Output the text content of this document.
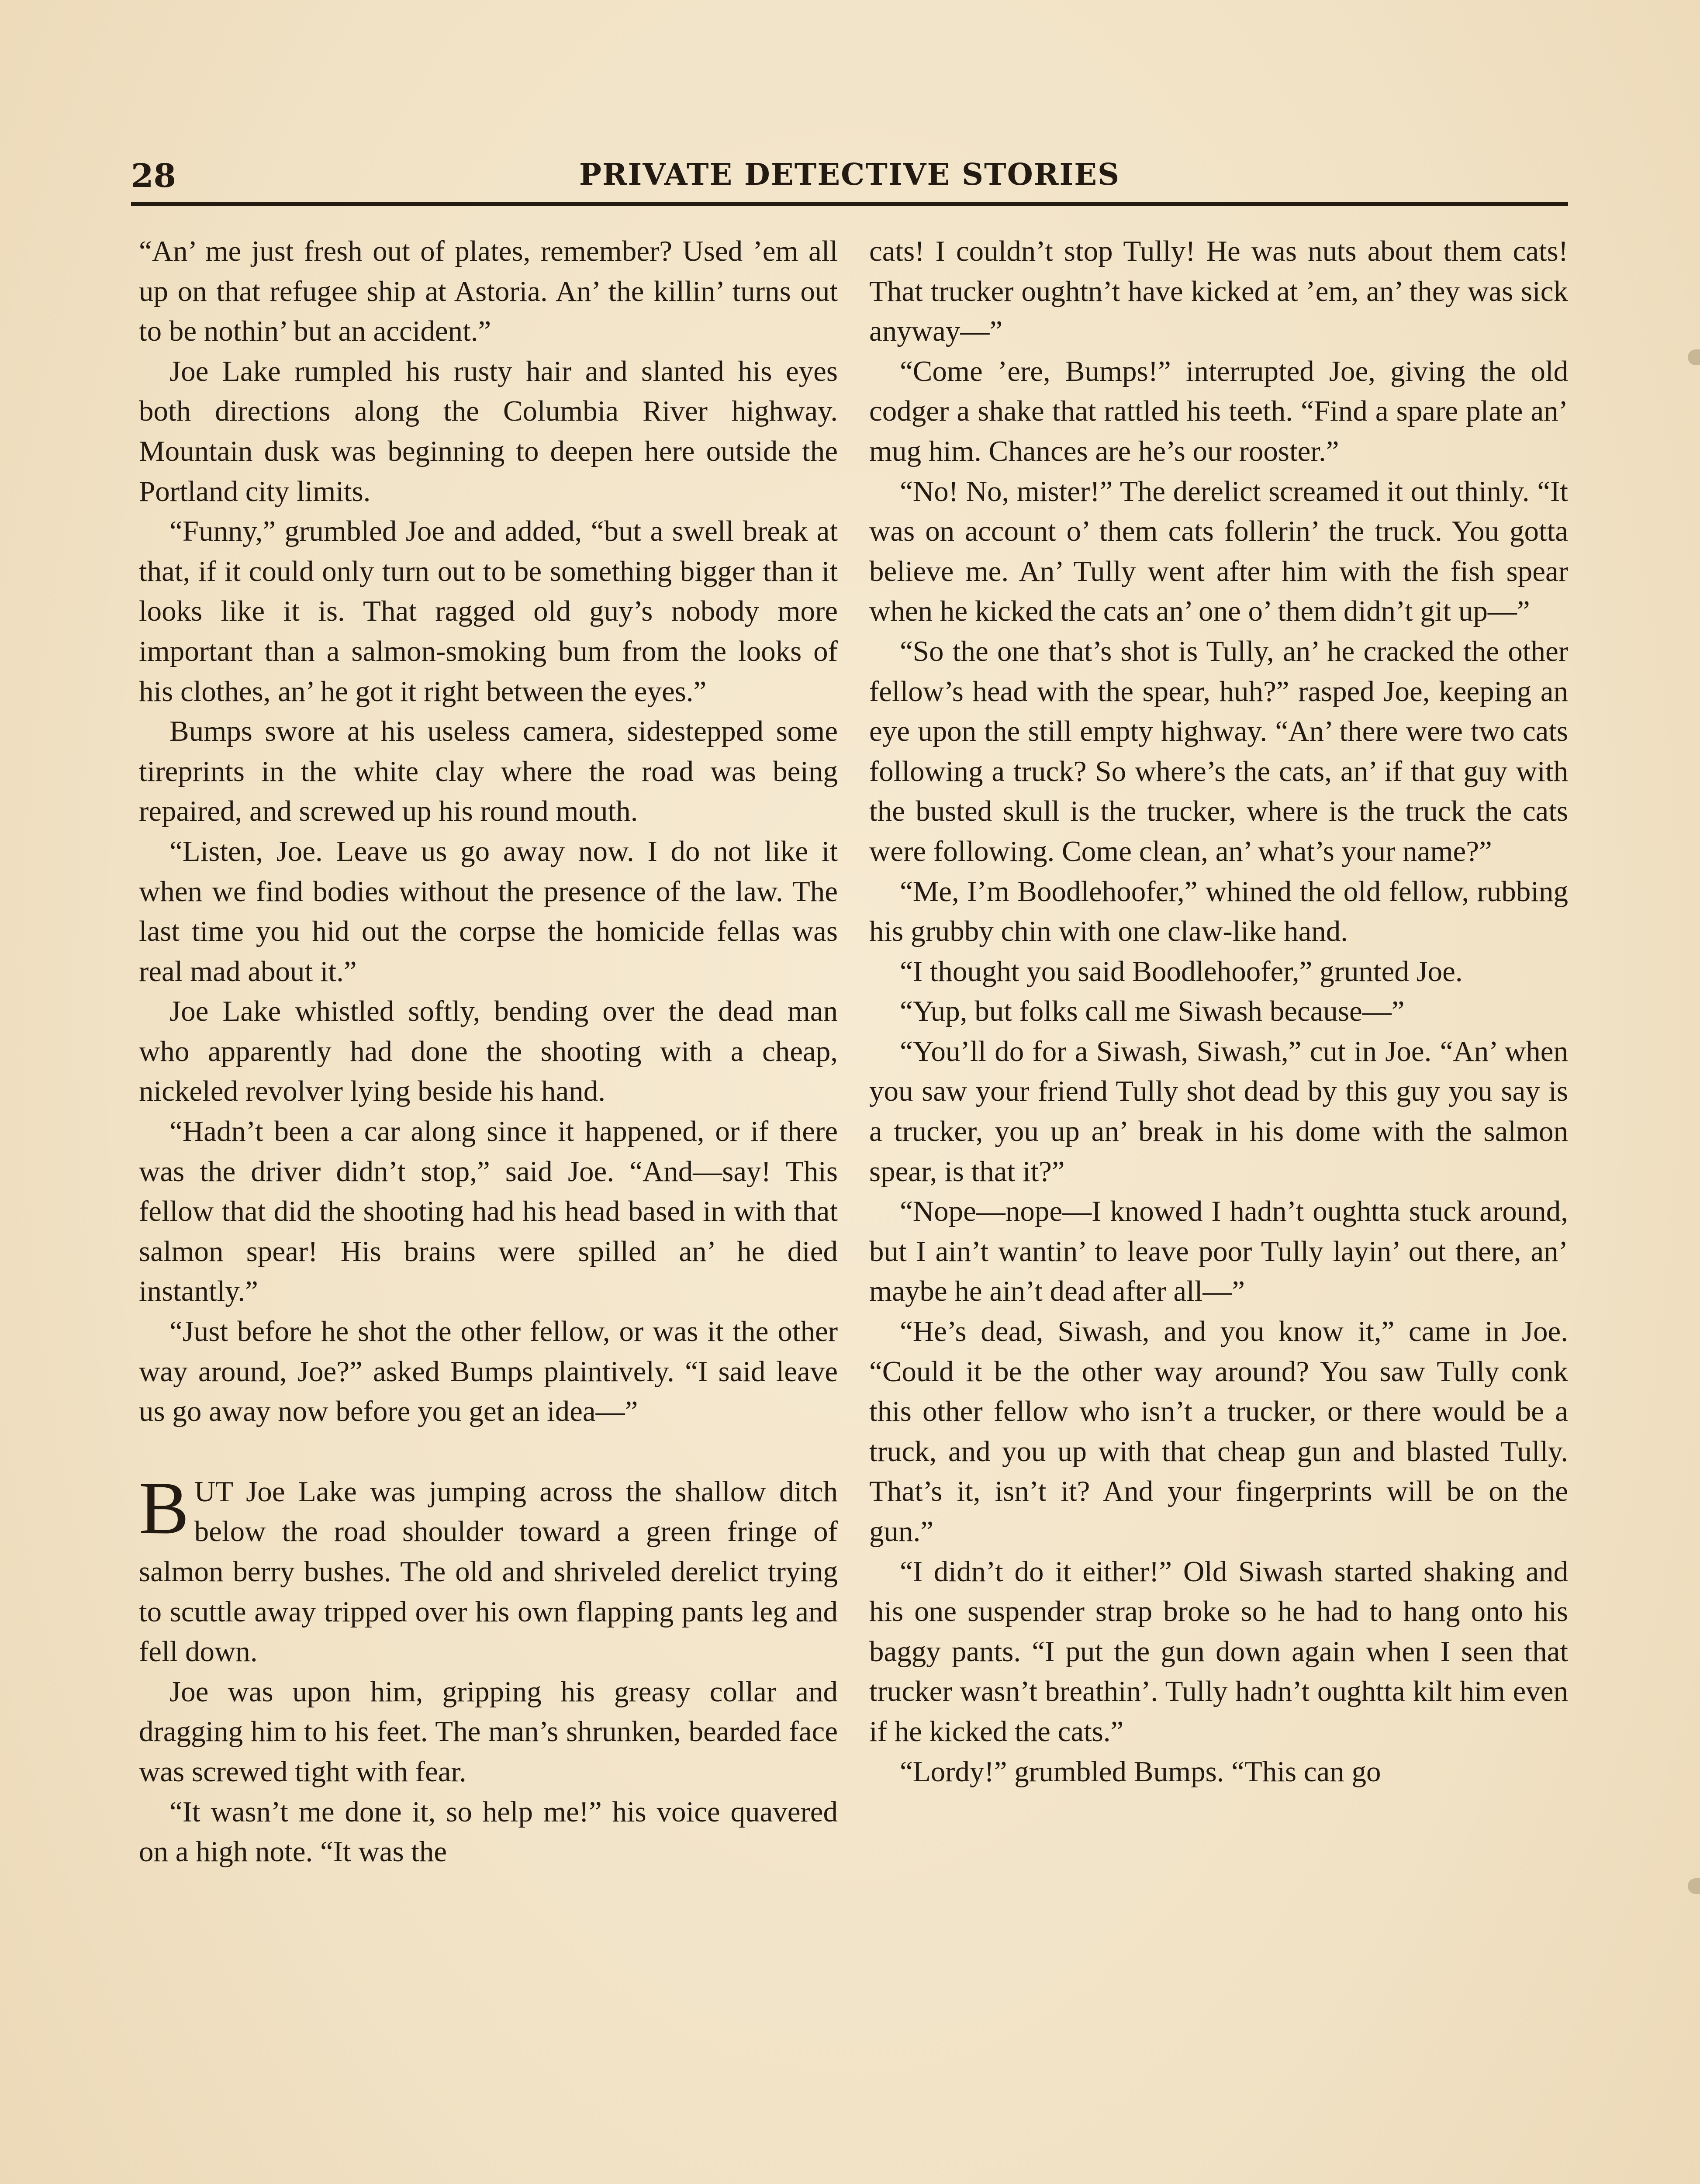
28	PRIVATE DETECTIVE STORIES

“An’ me just fresh out of plates, remember? Used ’em all up on that refugee ship at Astoria. An’ the killin’ turns out to be nothin’ but an accident.”

Joe Lake rumpled his rusty hair and slanted his eyes both directions along the Columbia River highway. Mountain dusk was beginning to deepen here outside the Portland city limits.

“Funny,” grumbled Joe and added, “but a swell break at that, if it could only turn out to be something bigger than it looks like it is. That ragged old guy’s nobody more important than a salmon-smoking bum from the looks of his clothes, an’ he got it right between the eyes.”

Bumps swore at his useless camera, sidestepped some tireprints in the white clay where the road was being repaired, and screwed up his round mouth.

“Listen, Joe. Leave us go away now. I do not like it when we find bodies without the presence of the law. The last time you hid out the corpse the homicide fellas was real mad about it.”

Joe Lake whistled softly, bending over the dead man who apparently had done the shooting with a cheap, nickeled revolver lying beside his hand.

“Hadn’t been a car along since it happened, or if there was the driver didn’t stop,” said Joe. “And—say! This fellow that did the shooting had his head based in with that salmon spear! His brains were spilled an’ he died instantly.”

“Just before he shot the other fellow, or was it the other way around, Joe?” asked Bumps plaintively. “I said leave us go away now before you get an idea—”

BUT Joe Lake was jumping across the shallow ditch below the road shoulder toward a green fringe of salmon berry bushes. The old and shriveled derelict trying to scuttle away tripped over his own flapping pants leg and fell down.

Joe was upon him, gripping his greasy collar and dragging him to his feet. The man’s shrunken, bearded face was screwed tight with fear.

“It wasn’t me done it, so help me!” his voice quavered on a high note. “It was the

cats! I couldn’t stop Tully! He was nuts about them cats! That trucker oughtn’t have kicked at ’em, an’ they was sick anyway—”

“Come ’ere, Bumps!” interrupted Joe, giving the old codger a shake that rattled his teeth. “Find a spare plate an’ mug him. Chances are he’s our rooster.”

“No! No, mister!” The derelict screamed it out thinly. “It was on account o’ them cats follerin’ the truck. You gotta believe me. An’ Tully went after him with the fish spear when he kicked the cats an’ one o’ them didn’t git up—”

“So the one that’s shot is Tully, an’ he cracked the other fellow’s head with the spear, huh?” rasped Joe, keeping an eye upon the still empty highway. “An’ there were two cats following a truck? So where’s the cats, an’ if that guy with the busted skull is the trucker, where is the truck the cats were following. Come clean, an’ what’s your name?”

“Me, I’m Boodlehoofer,” whined the old fellow, rubbing his grubby chin with one claw-like hand.

“I thought you said Boodlehoofer,” grunted Joe.

“Yup, but folks call me Siwash because—”

“You’ll do for a Siwash, Siwash,” cut in Joe. “An’ when you saw your friend Tully shot dead by this guy you say is a trucker, you up an’ break in his dome with the salmon spear, is that it?”

“Nope—nope—I knowed I hadn’t oughtta stuck around, but I ain’t wantin’ to leave poor Tully layin’ out there, an’ maybe he ain’t dead after all—”

“He’s dead, Siwash, and you know it,” came in Joe. “Could it be the other way around? You saw Tully conk this other fellow who isn’t a trucker, or there would be a truck, and you up with that cheap gun and blasted Tully. That’s it, isn’t it? And your fingerprints will be on the gun.”

“I didn’t do it either!” Old Siwash started shaking and his one suspender strap broke so he had to hang onto his baggy pants. “I put the gun down again when I seen that trucker wasn’t breathin’. Tully hadn’t oughtta kilt him even if he kicked the cats.”

“Lordy!” grumbled Bumps. “This can go
